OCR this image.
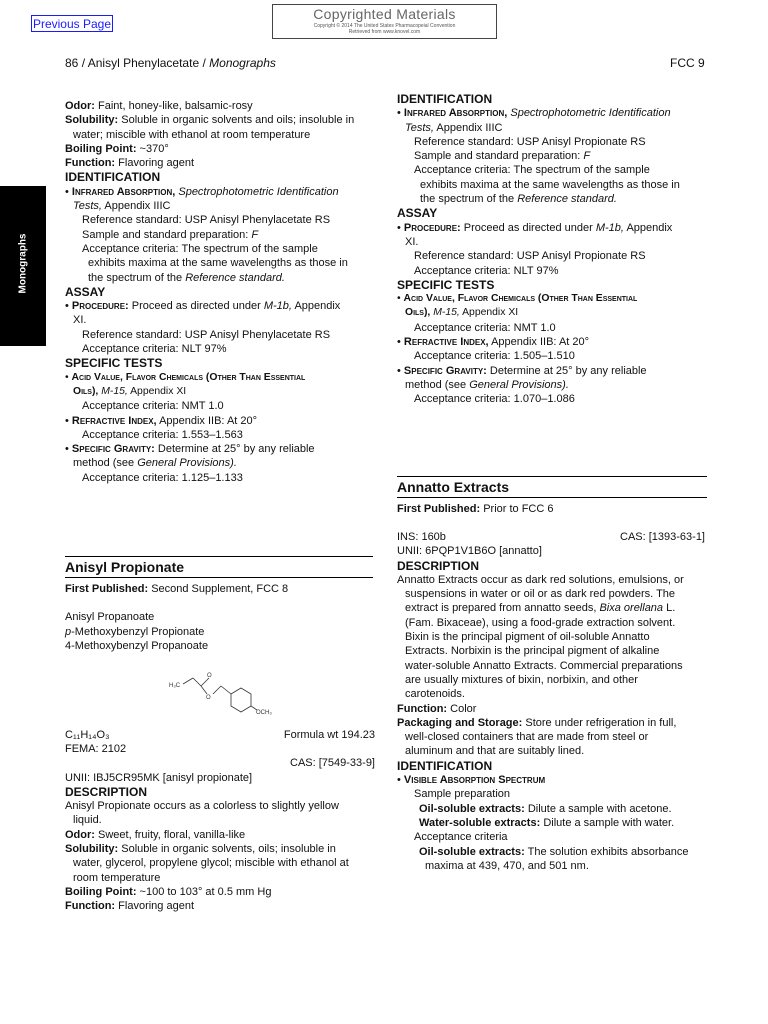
Previous Page
Copyrighted Materials
Copyright © 2014 The United States Pharmacopeial Convention
Retrieved from www.knovel.com
86 / Anisyl Phenylacetate / Monographs	FCC 9
Monographs

Odor: Faint, honey-like, balsamic-rosy

Solubility: Soluble in organic solvents and oils; insoluble in
water; miscible with ethanol at room temperature

Boiling Point: ~370°

Function: Flavoring agent

IDENTIFICATION

• Infrared Absorption, Spectrophotometric Identification
Tests, Appendix IIIC

Reference standard: USP Anisyl Phenylacetate RS

Sample and standard preparation: F

Acceptance criteria: The spectrum of the sample
exhibits maxima at the same wavelengths as those in
the spectrum of the Reference standard.

ASSAY

• Procedure: Proceed as directed under M-1b, Appendix
XI.

Reference standard: USP Anisyl Phenylacetate RS

Acceptance criteria: NLT 97%

SPECIFIC TESTS

• Acid Value, Flavor Chemicals (Other Than Essential
Oils), M-15, Appendix XI

Acceptance criteria: NMT 1.0

• Refractive Index, Appendix IIB: At 20°

Acceptance criteria: 1.553–1.563

• Specific Gravity: Determine at 25° by any reliable
method (see General Provisions).

Acceptance criteria: 1.125–1.133

Anisyl Propionate

First Published: Second Supplement, FCC 8

Anisyl Propanoate

p-Methoxybenzyl Propionate

4-Methoxybenzyl Propanoate

H₃C
O
O
OCH₃
C₁₁H₁₄O₃	Formula wt 194.23

FEMA: 2102

CAS: [7549-33-9]

UNII: IBJ5CR95MK [anisyl propionate]

DESCRIPTION

Anisyl Propionate occurs as a colorless to slightly yellow
liquid.

Odor: Sweet, fruity, floral, vanilla-like

Solubility: Soluble in organic solvents, oils; insoluble in
water, glycerol, propylene glycol; miscible with ethanol at
room temperature

Boiling Point: ~100 to 103° at 0.5 mm Hg

Function: Flavoring agent

IDENTIFICATION

• Infrared Absorption, Spectrophotometric Identification
Tests, Appendix IIIC

Reference standard: USP Anisyl Propionate RS

Sample and standard preparation: F

Acceptance criteria: The spectrum of the sample
exhibits maxima at the same wavelengths as those in
the spectrum of the Reference standard.

ASSAY

• Procedure: Proceed as directed under M-1b, Appendix
XI.

Reference standard: USP Anisyl Propionate RS

Acceptance criteria: NLT 97%

SPECIFIC TESTS

• Acid Value, Flavor Chemicals (Other Than Essential
Oils), M-15, Appendix XI

Acceptance criteria: NMT 1.0

• Refractive Index, Appendix IIB: At 20°

Acceptance criteria: 1.505–1.510

• Specific Gravity: Determine at 25° by any reliable
method (see General Provisions).

Acceptance criteria: 1.070–1.086

Annatto Extracts

First Published: Prior to FCC 6

INS: 160b	CAS: [1393-63-1]

UNII: 6PQP1V1B6O [annatto]

DESCRIPTION

Annatto Extracts occur as dark red solutions, emulsions, or
suspensions in water or oil or as dark red powders. The
extract is prepared from annatto seeds, Bixa orellana L.
(Fam. Bixaceae), using a food-grade extraction solvent.
Bixin is the principal pigment of oil-soluble Annatto
Extracts. Norbixin is the principal pigment of alkaline
water-soluble Annatto Extracts. Commercial preparations
are usually mixtures of bixin, norbixin, and other
carotenoids.

Function: Color

Packaging and Storage: Store under refrigeration in full,
well-closed containers that are made from steel or
aluminum and that are suitably lined.

IDENTIFICATION

• Visible Absorption Spectrum

Sample preparation

Oil-soluble extracts: Dilute a sample with acetone.

Water-soluble extracts: Dilute a sample with water.

Acceptance criteria

Oil-soluble extracts: The solution exhibits absorbance
maxima at 439, 470, and 501 nm.
